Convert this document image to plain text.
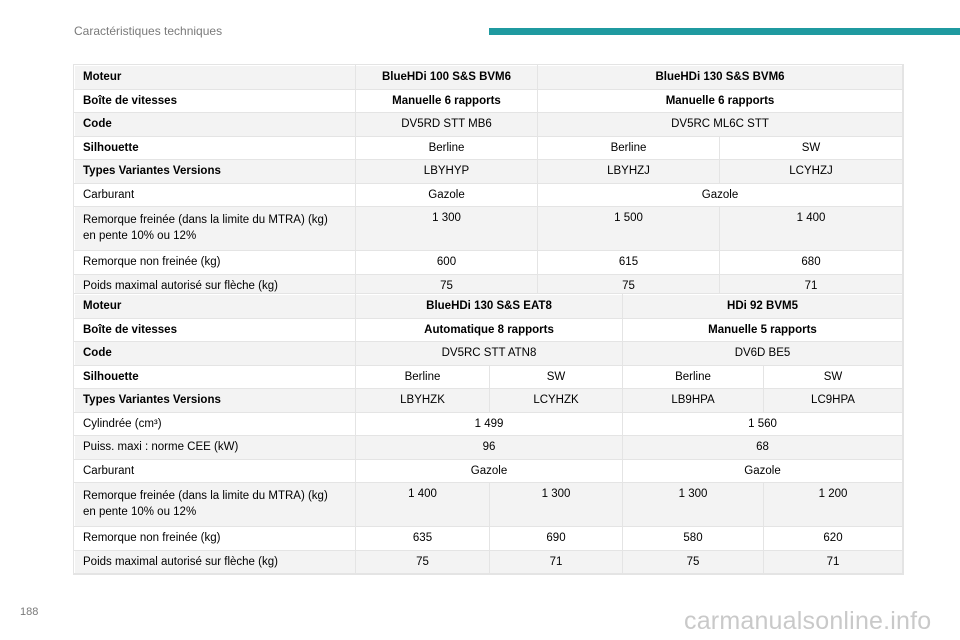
Caractéristiques techniques
Moteur	BlueHDi 100 S&S BVM6	BlueHDi 130 S&S BVM6	
Boîte de vitesses	Manuelle 6 rapports	Manuelle 6 rapports	
Code	DV5RD STT MB6	DV5RC ML6C STT	
Silhouette	Berline	Berline	SW
Types Variantes Versions	LBYHYP	LBYHZJ	LCYHZJ
Carburant	Gazole	Gazole	
Remorque freinée (dans la limite du MTRA) (kg)
en pente 10% ou 12%	1 300	1 500	1 400
Remorque non freinée (kg)	600	615	680
Poids maximal autorisé sur flèche (kg)	75	75	71
Moteur	BlueHDi 130 S&S EAT8		HDi 92 BVM5	
Boîte de vitesses	Automatique 8 rapports		Manuelle 5 rapports	
Code	DV5RC STT ATN8		DV6D BE5	
Silhouette	Berline	SW	Berline	SW
Types Variantes Versions	LBYHZK	LCYHZK	LB9HPA	LC9HPA
Cylindrée (cm³)	1 499		1 560	
Puiss. maxi : norme CEE (kW)	96		68	
Carburant	Gazole		Gazole	
Remorque freinée (dans la limite du MTRA) (kg)
en pente 10% ou 12%	1 400	1 300	1 300	1 200
Remorque non freinée (kg)	635	690	580	620
Poids maximal autorisé sur flèche (kg)	75	71	75	71
188	carmanualsonline.info
